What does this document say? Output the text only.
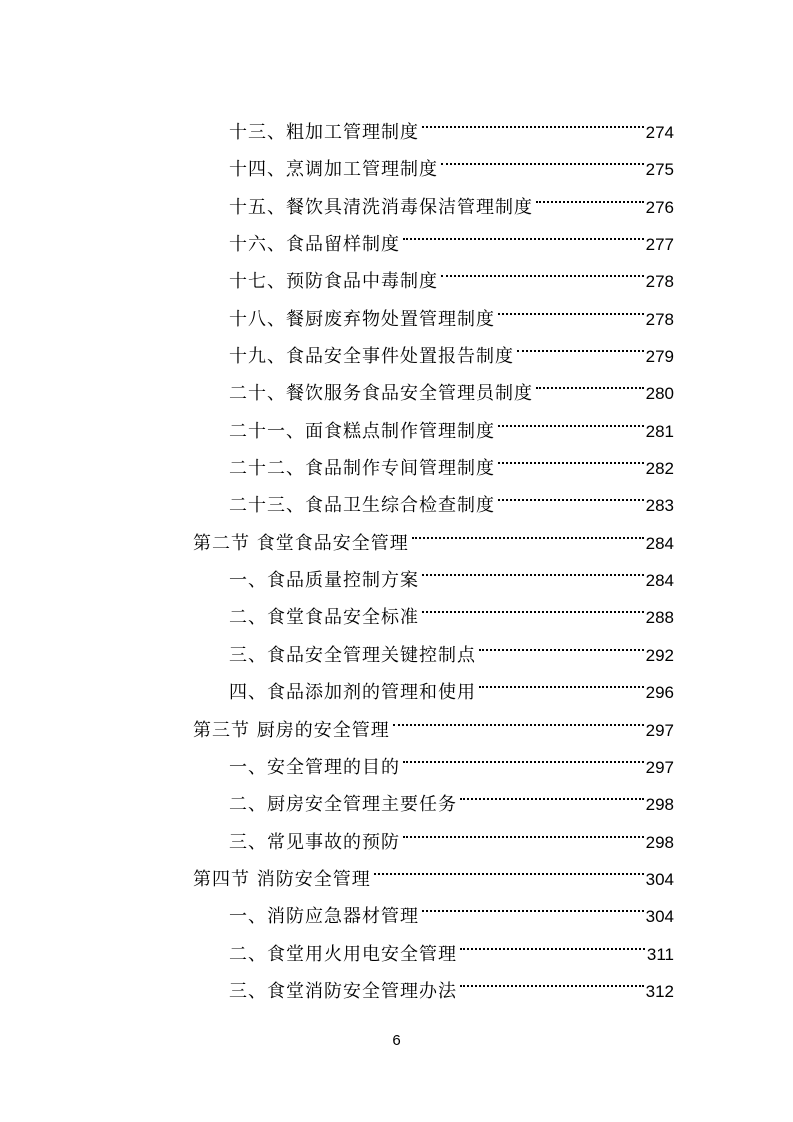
十三、粗加工管理制度	274
十四、烹调加工管理制度	275
十五、餐饮具清洗消毒保洁管理制度	276
十六、食品留样制度	277
十七、预防食品中毒制度	278
十八、餐厨废弃物处置管理制度	278
十九、食品安全事件处置报告制度	279
二十、餐饮服务食品安全管理员制度	280
二十一、面食糕点制作管理制度	281
二十二、食品制作专间管理制度	282
二十三、食品卫生综合检查制度	283
第二节 食堂食品安全管理	284
一、食品质量控制方案	284
二、食堂食品安全标准	288
三、食品安全管理关键控制点	292
四、食品添加剂的管理和使用	296
第三节 厨房的安全管理	297
一、安全管理的目的	297
二、厨房安全管理主要任务	298
三、常见事故的预防	298
第四节 消防安全管理	304
一、消防应急器材管理	304
二、食堂用火用电安全管理	311
三、食堂消防安全管理办法	312
6
